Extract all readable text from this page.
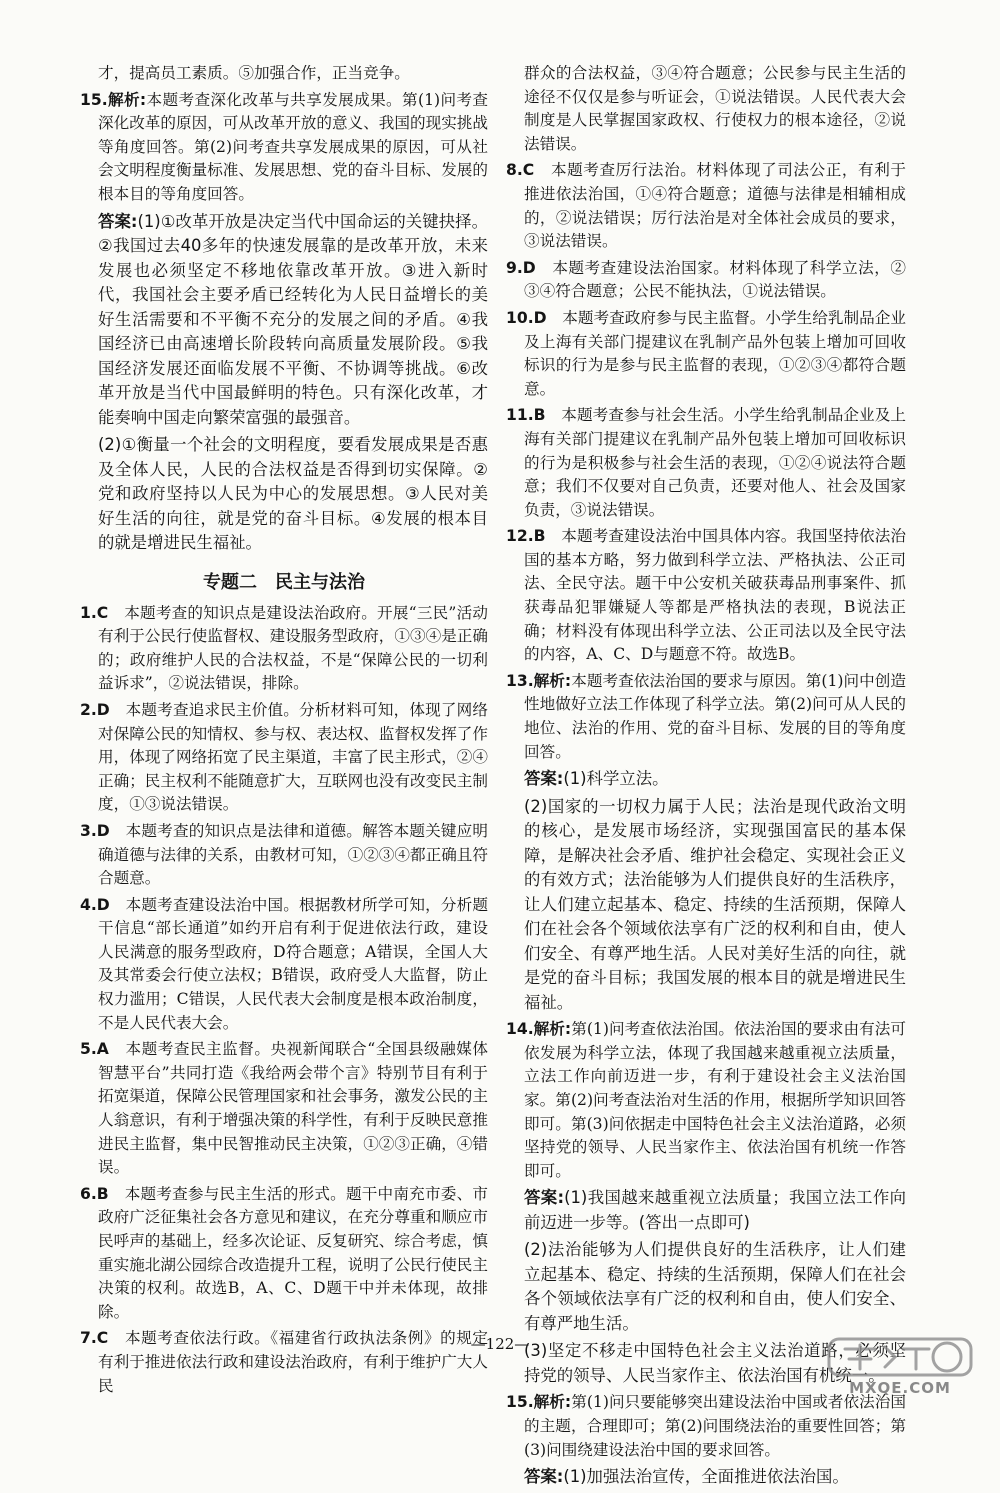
才，提高员工素质。⑤加强合作，正当竞争。

15.解析:本题考查深化改革与共享发展成果。第(1)问考查深化改革的原因，可从改革开放的意义、我国的现实挑战等角度回答。第(2)问考查共享发展成果的原因，可从社会文明程度衡量标准、发展思想、党的奋斗目标、发展的根本目的等角度回答。

答案:(1)①改革开放是决定当代中国命运的关键抉择。②我国过去40多年的快速发展靠的是改革开放，未来发展也必须坚定不移地依靠改革开放。③进入新时代，我国社会主要矛盾已经转化为人民日益增长的美好生活需要和不平衡不充分的发展之间的矛盾。④我国经济已由高速增长阶段转向高质量发展阶段。⑤我国经济发展还面临发展不平衡、不协调等挑战。⑥改革开放是当代中国最鲜明的特色。只有深化改革，才能奏响中国走向繁荣富强的最强音。

(2)①衡量一个社会的文明程度，要看发展成果是否惠及全体人民，人民的合法权益是否得到切实保障。②党和政府坚持以人民为中心的发展思想。③人民对美好生活的向往，就是党的奋斗目标。④发展的根本目的就是增进民生福祉。

专题二　民主与法治

1.C　 本题考查的知识点是建设法治政府。开展“三民”活动有利于公民行使监督权、建设服务型政府，①③④是正确的；政府维护人民的合法权益，不是“保障公民的一切利益诉求”，②说法错误，排除。

2.D　 本题考查追求民主价值。分析材料可知，体现了网络对保障公民的知情权、参与权、表达权、监督权发挥了作用，体现了网络拓宽了民主渠道，丰富了民主形式，②④正确；民主权利不能随意扩大，互联网也没有改变民主制度，①③说法错误。

3.D　 本题考查的知识点是法律和道德。解答本题关键应明确道德与法律的关系，由教材可知，①②③④都正确且符合题意。

4.D　 本题考查建设法治中国。根据教材所学可知，分析题干信息“部长通道”如约开启有利于促进依法行政，建设人民满意的服务型政府，D符合题意；A错误，全国人大及其常委会行使立法权；B错误，政府受人大监督，防止权力滥用；C错误，人民代表大会制度是根本政治制度，不是人民代表大会。

5.A　 本题考查民主监督。央视新闻联合“全国县级融媒体智慧平台”共同打造《我给两会带个言》特别节目有利于拓宽渠道，保障公民管理国家和社会事务，激发公民的主人翁意识，有利于增强决策的科学性，有利于反映民意推进民主监督，集中民智推动民主决策，①②③正确，④错误。

6.B　 本题考查参与民主生活的形式。题干中南充市委、市政府广泛征集社会各方意见和建议，在充分尊重和顺应市民呼声的基础上，经多次论证、反复研究、综合考虑，慎重实施北湖公园综合改造提升工程，说明了公民行使民主决策的权利。故选B，A、C、D题干中并未体现，故排除。

7.C　 本题考查依法行政。《福建省行政执法条例》的规定有利于推进依法行政和建设法治政府，有利于维护广大人民

群众的合法权益，③④符合题意；公民参与民主生活的途径不仅仅是参与听证会，①说法错误。人民代表大会制度是人民掌握国家政权、行使权力的根本途径，②说法错误。

8.C　 本题考查厉行法治。材料体现了司法公正，有利于推进依法治国，①④符合题意；道德与法律是相辅相成的，②说法错误；厉行法治是对全体社会成员的要求，③说法错误。

9.D　 本题考查建设法治国家。材料体现了科学立法，②③④符合题意；公民不能执法，①说法错误。

10.D　 本题考查政府参与民主监督。小学生给乳制品企业及上海有关部门提建议在乳制产品外包装上增加可回收标识的行为是参与民主监督的表现，①②③④都符合题意。

11.B　 本题考查参与社会生活。小学生给乳制品企业及上海有关部门提建议在乳制产品外包装上增加可回收标识的行为是积极参与社会生活的表现，①②④说法符合题意；我们不仅要对自己负责，还要对他人、社会及国家负责，③说法错误。

12.B　 本题考查建设法治中国具体内容。我国坚持依法治国的基本方略，努力做到科学立法、严格执法、公正司法、全民守法。题干中公安机关破获毒品刑事案件、抓获毒品犯罪嫌疑人等都是严格执法的表现，B说法正确；材料没有体现出科学立法、公正司法以及全民守法的内容，A、C、D与题意不符。故选B。

13.解析:本题考查依法治国的要求与原因。第(1)问中创造性地做好立法工作体现了科学立法。第(2)问可从人民的地位、法治的作用、党的奋斗目标、发展的目的等角度回答。

答案:(1)科学立法。

(2)国家的一切权力属于人民；法治是现代政治文明的核心，是发展市场经济，实现强国富民的基本保障，是解决社会矛盾、维护社会稳定、实现社会正义的有效方式；法治能够为人们提供良好的生活秩序，让人们建立起基本、稳定、持续的生活预期，保障人们在社会各个领域依法享有广泛的权利和自由，使人们安全、有尊严地生活。人民对美好生活的向往，就是党的奋斗目标；我国发展的根本目的就是增进民生福祉。

14.解析:第(1)问考查依法治国。依法治国的要求由有法可依发展为科学立法，体现了我国越来越重视立法质量，立法工作向前迈进一步，有利于建设社会主义法治国家。第(2)问考查法治对生活的作用，根据所学知识回答即可。第(3)问依据走中国特色社会主义法治道路，必须坚持党的领导、人民当家作主、依法治国有机统一作答即可。

答案:(1)我国越来越重视立法质量；我国立法工作向前迈进一步等。(答出一点即可)

(2)法治能够为人们提供良好的生活秩序，让人们建立起基本、稳定、持续的生活预期，保障人们在社会各个领域依法享有广泛的权利和自由，使人们安全、有尊严地生活。

(3)坚定不移走中国特色社会主义法治道路，必须坚持党的领导、人民当家作主、依法治国有机统一。

15.解析:第(1)问只要能够突出建设法治中国或者依法治国的主题，合理即可；第(2)问围绕法治的重要性回答；第(3)问围绕建设法治中国的要求回答。

答案:(1)加强法治宣传，全面推进依法治国。

—122—
MXQE.COM
